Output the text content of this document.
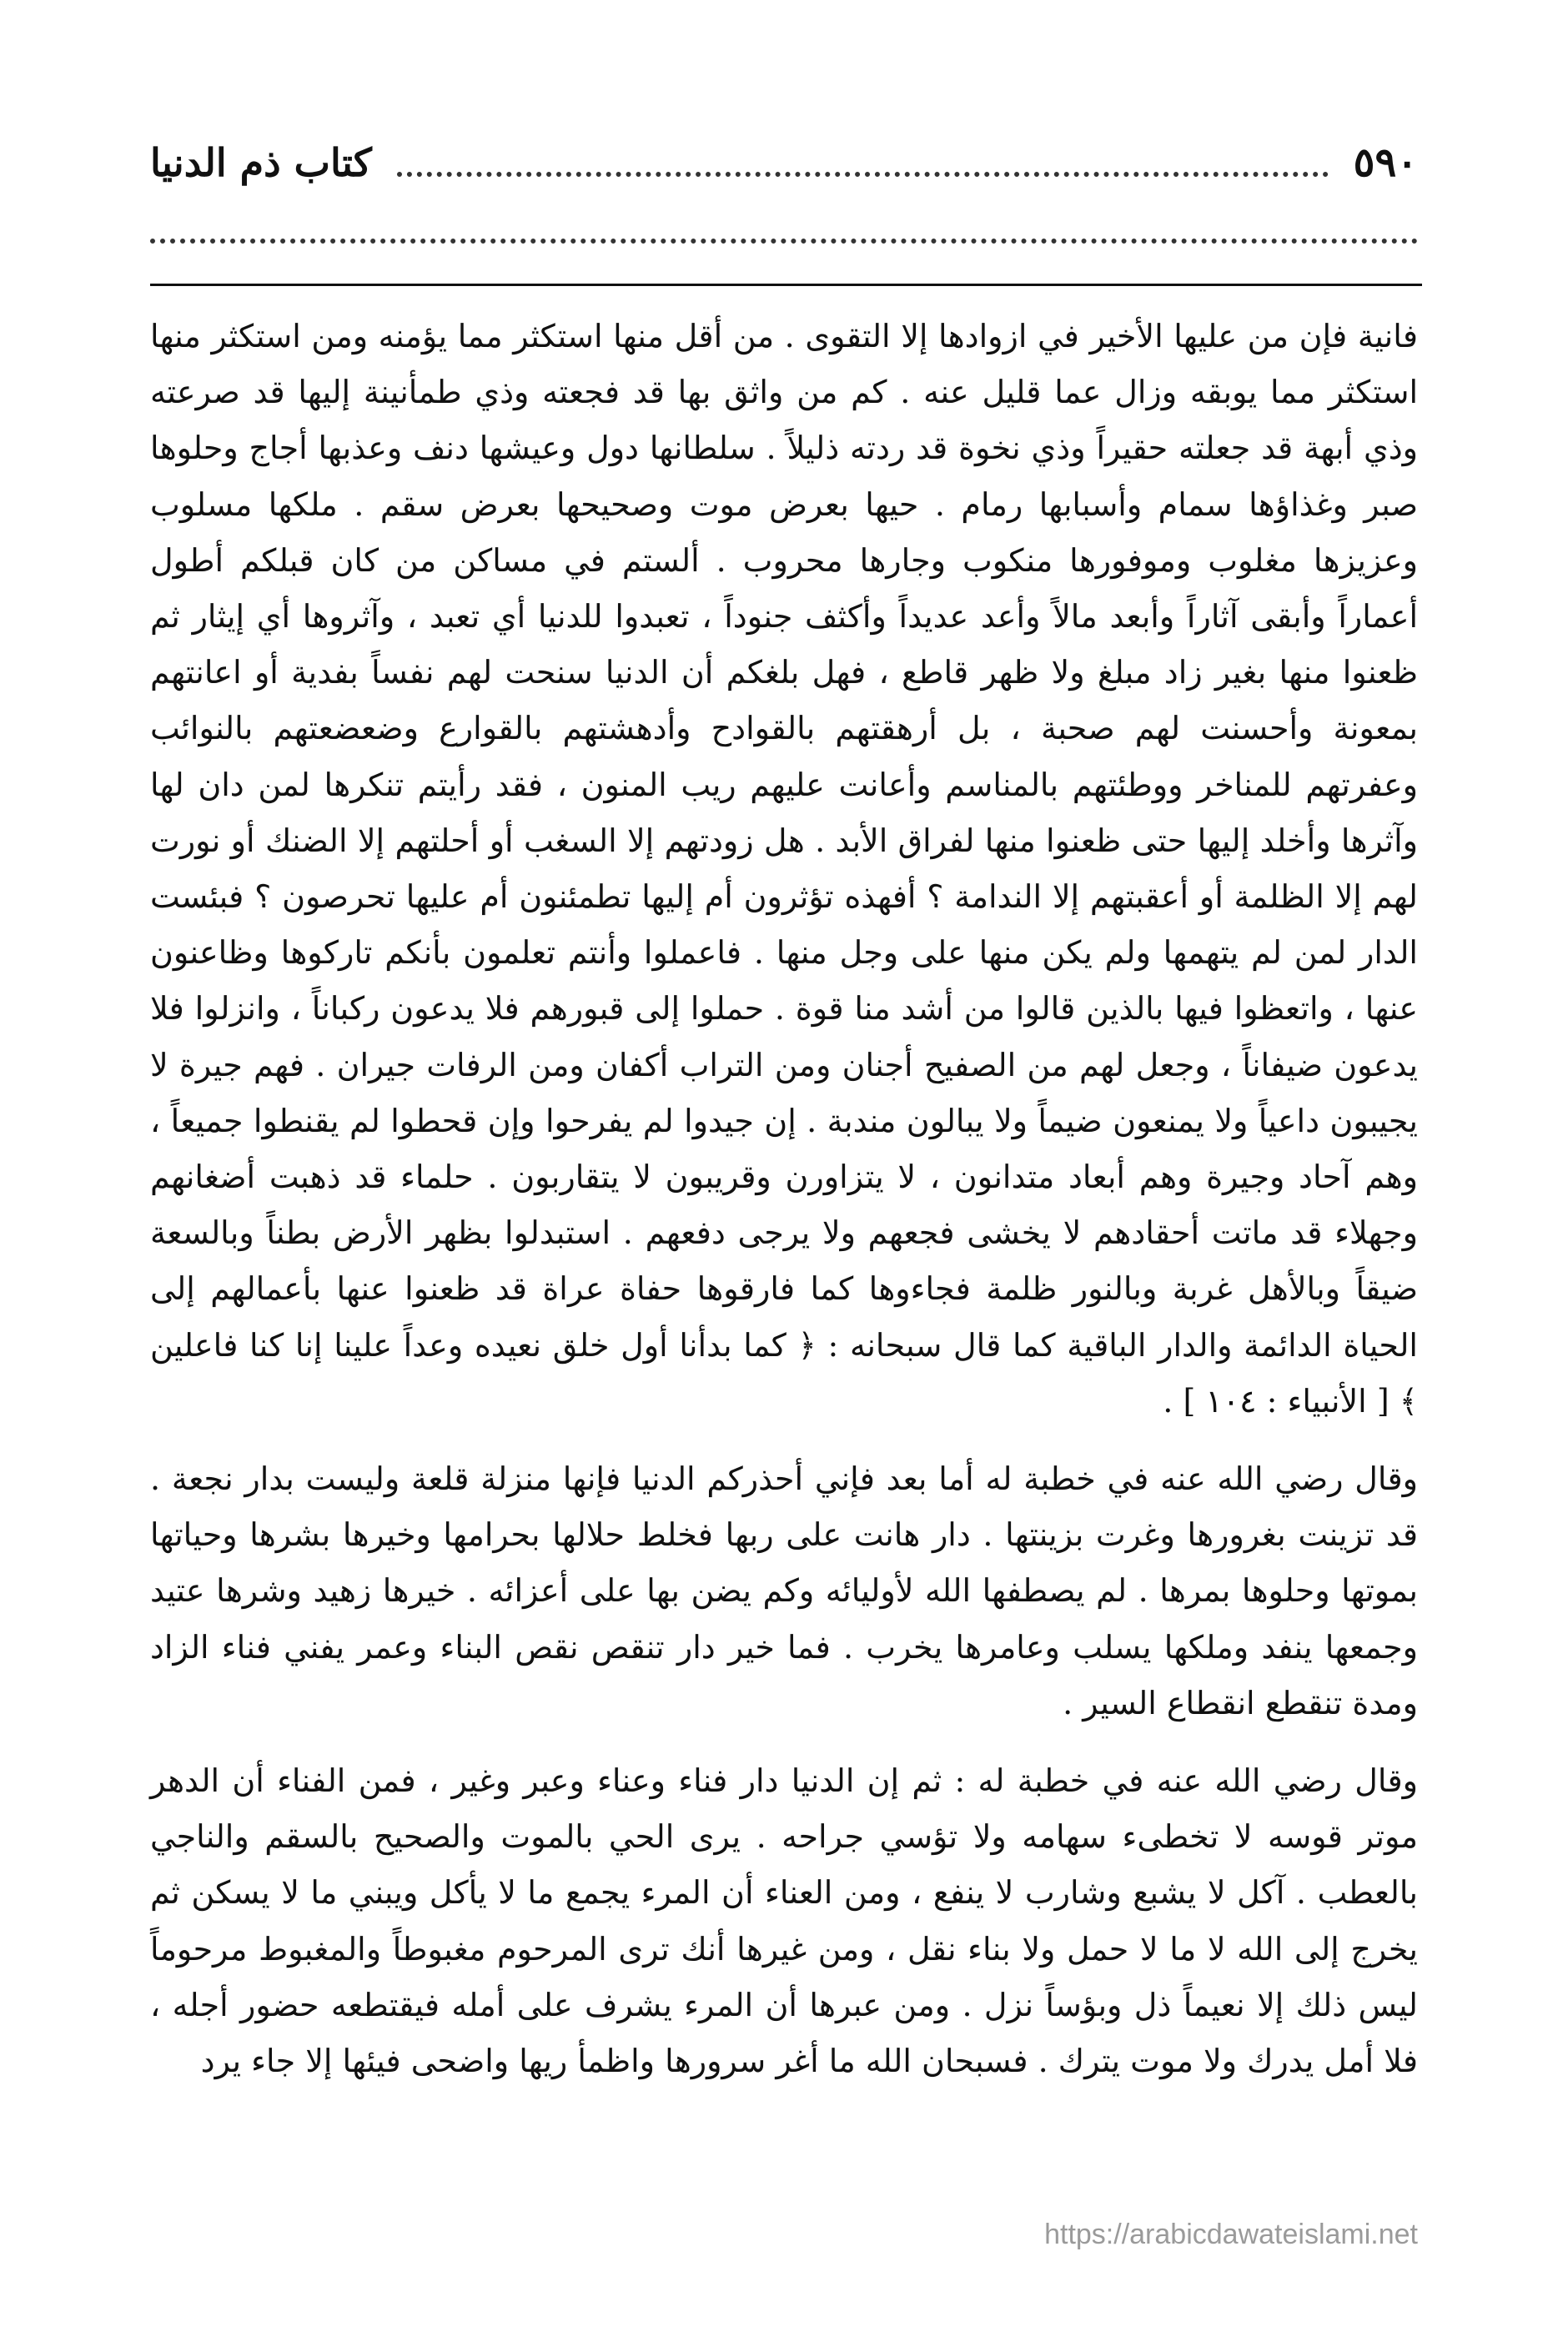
٥٩٠
كتاب ذم الدنيا

فانية فإن من عليها الأخير في ازوادها إلا التقوى . من أقل منها استكثر مما يؤمنه ومن استكثر منها استكثر مما يوبقه وزال عما قليل عنه . كم من واثق بها قد فجعته وذي طمأنينة إليها قد صرعته وذي أبهة قد جعلته حقيراً وذي نخوة قد ردته ذليلاً . سلطانها دول وعيشها دنف وعذبها أجاج وحلوها صبر وغذاؤها سمام وأسبابها رمام . حيها بعرض موت وصحيحها بعرض سقم . ملكها مسلوب وعزيزها مغلوب وموفورها منكوب وجارها محروب . ألستم في مساكن من كان قبلكم أطول أعماراً وأبقى آثاراً وأبعد مالاً وأعد عديداً وأكثف جنوداً ، تعبدوا للدنيا أي تعبد ، وآثروها أي إيثار ثم ظعنوا منها بغير زاد مبلغ ولا ظهر قاطع ، فهل بلغكم أن الدنيا سنحت لهم نفساً بفدية أو اعانتهم بمعونة وأحسنت لهم صحبة ، بل أرهقتهم بالقوادح وأدهشتهم بالقوارع وضعضعتهم بالنوائب وعفرتهم للمناخر ووطئتهم بالمناسم وأعانت عليهم ريب المنون ، فقد رأيتم تنكرها لمن دان لها وآثرها وأخلد إليها حتى ظعنوا منها لفراق الأبد . هل زودتهم إلا السغب أو أحلتهم إلا الضنك أو نورت لهم إلا الظلمة أو أعقبتهم إلا الندامة ؟ أفهذه تؤثرون أم إليها تطمئنون أم عليها تحرصون ؟ فبئست الدار لمن لم يتهمها ولم يكن منها على وجل منها . فاعملوا وأنتم تعلمون بأنكم تاركوها وظاعنون عنها ، واتعظوا فيها بالذين قالوا من أشد منا قوة . حملوا إلى قبورهم فلا يدعون ركباناً ، وانزلوا فلا يدعون ضيفاناً ، وجعل لهم من الصفيح أجنان ومن التراب أكفان ومن الرفات جيران . فهم جيرة لا يجيبون داعياً ولا يمنعون ضيماً ولا يبالون مندبة . إن جيدوا لم يفرحوا وإن قحطوا لم يقنطوا جميعاً ، وهم آحاد وجيرة وهم أبعاد متدانون ، لا يتزاورن وقريبون لا يتقاربون . حلماء قد ذهبت أضغانهم وجهلاء قد ماتت أحقادهم لا يخشى فجعهم ولا يرجى دفعهم . استبدلوا بظهر الأرض بطناً وبالسعة ضيقاً وبالأهل غربة وبالنور ظلمة فجاءوها كما فارقوها حفاة عراة قد ظعنوا عنها بأعمالهم إلى الحياة الدائمة والدار الباقية كما قال سبحانه : ﴿ كما بدأنا أول خلق نعيده وعداً علينا إنا كنا فاعلين ﴾ [ الأنبياء : ١٠٤ ] .

وقال رضي الله عنه في خطبة له أما بعد فإني أحذركم الدنيا فإنها منزلة قلعة وليست بدار نجعة . قد تزينت بغرورها وغرت بزينتها . دار هانت على ربها فخلط حلالها بحرامها وخيرها بشرها وحياتها بموتها وحلوها بمرها . لم يصطفها الله لأوليائه وكم يضن بها على أعزائه . خيرها زهيد وشرها عتيد وجمعها ينفد وملكها يسلب وعامرها يخرب . فما خير دار تنقص نقص البناء وعمر يفني فناء الزاد ومدة تنقطع انقطاع السير .

وقال رضي الله عنه في خطبة له : ثم إن الدنيا دار فناء وعناء وعبر وغير ، فمن الفناء أن الدهر موتر قوسه لا تخطىء سهامه ولا تؤسي جراحه . يرى الحي بالموت والصحيح بالسقم والناجي بالعطب . آكل لا يشبع وشارب لا ينفع ، ومن العناء أن المرء يجمع ما لا يأكل ويبني ما لا يسكن ثم يخرج إلى الله لا ما لا حمل ولا بناء نقل ، ومن غيرها أنك ترى المرحوم مغبوطاً والمغبوط مرحوماً ليس ذلك إلا نعيماً ذل وبؤساً نزل . ومن عبرها أن المرء يشرف على أمله فيقتطعه حضور أجله ، فلا أمل يدرك ولا موت يترك . فسبحان الله ما أغر سرورها واظمأ ريها واضحى فيئها إلا جاء يرد

https://arabicdawateislami.net
